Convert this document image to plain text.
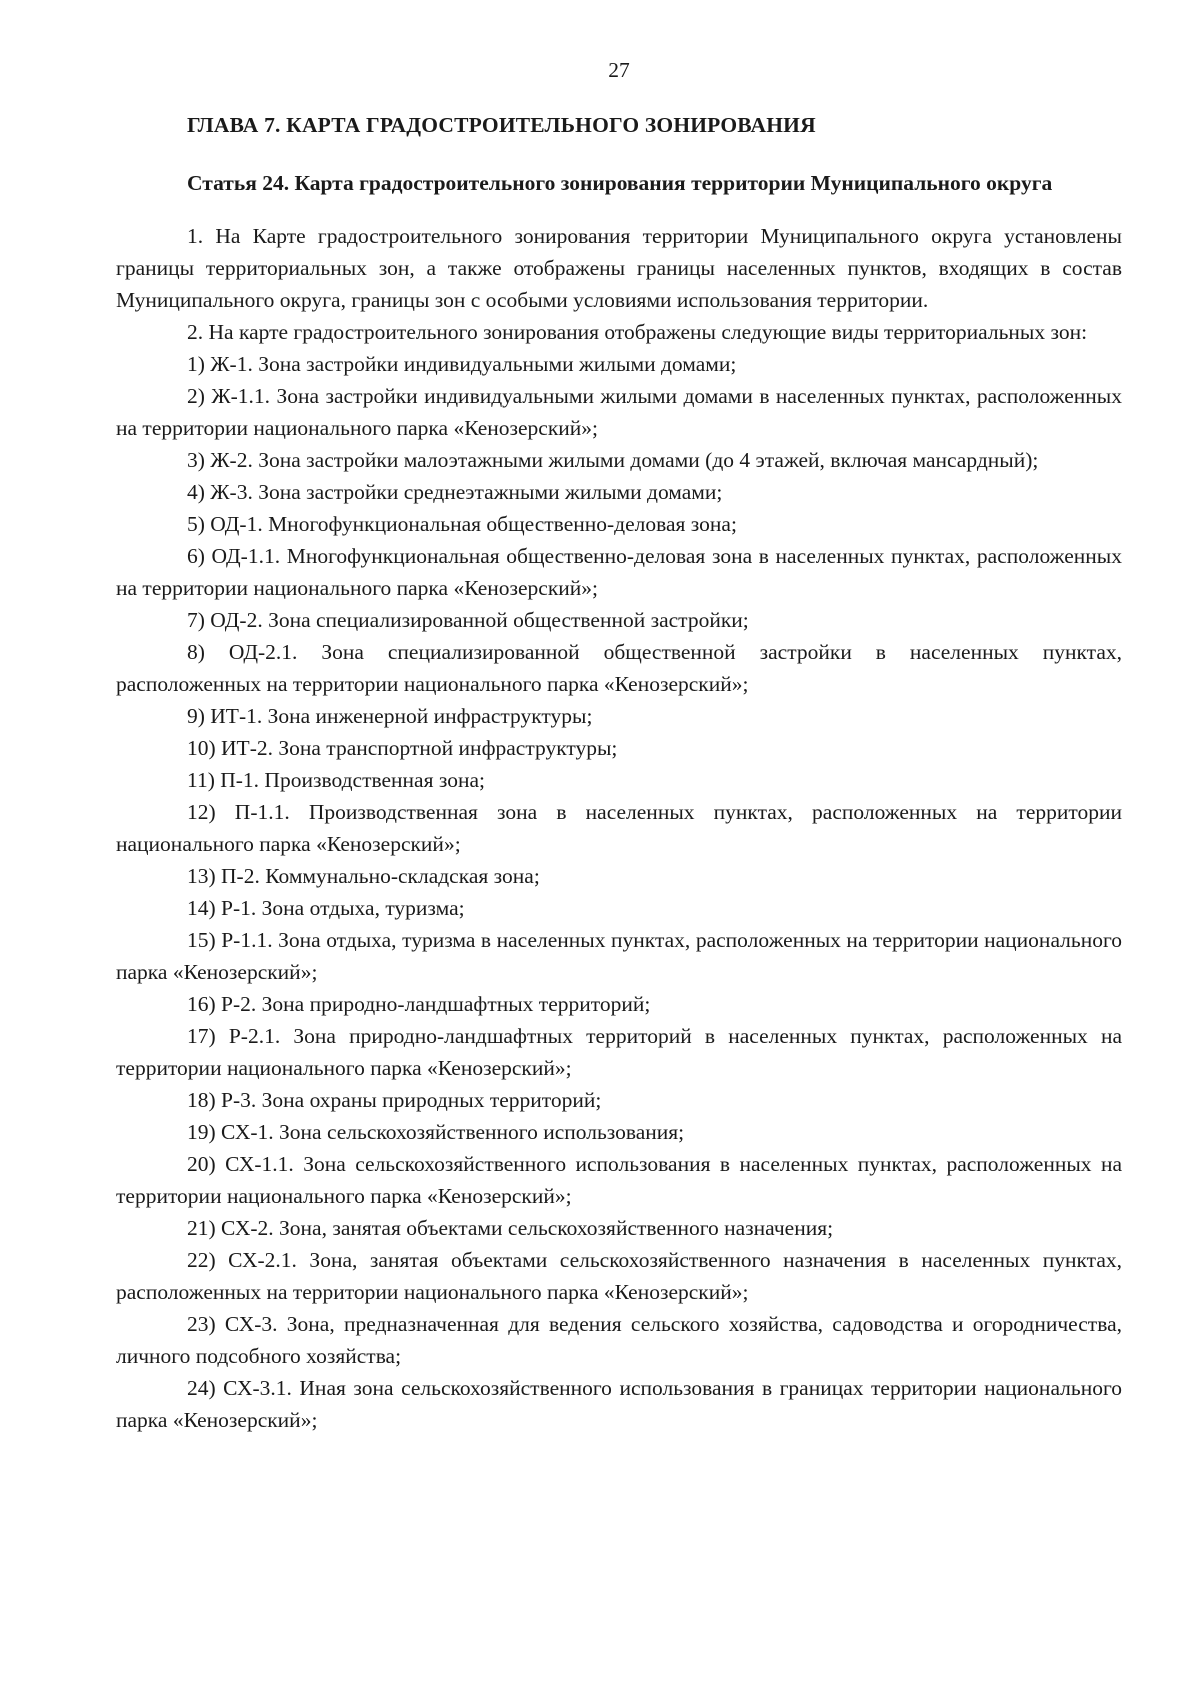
27
ГЛАВА 7. КАРТА ГРАДОСТРОИТЕЛЬНОГО ЗОНИРОВАНИЯ
Статья 24. Карта градостроительного зонирования территории Муниципального округа

1. На Карте градостроительного зонирования территории Муниципального округа установлены границы территориальных зон, а также отображены границы населенных пунктов, входящих в состав Муниципального округа, границы зон с особыми условиями использования территории.

2. На карте градостроительного зонирования отображены следующие виды территориальных зон:

1) Ж-1. Зона застройки индивидуальными жилыми домами;

2) Ж-1.1. Зона застройки индивидуальными жилыми домами в населенных пунктах, расположенных на территории национального парка «Кенозерский»;

3) Ж-2. Зона застройки малоэтажными жилыми домами (до 4 этажей, включая мансардный);

4) Ж-3. Зона застройки среднеэтажными жилыми домами;

5) ОД-1. Многофункциональная общественно-деловая зона;

6) ОД-1.1. Многофункциональная общественно-деловая зона в населенных пунктах, расположенных на территории национального парка «Кенозерский»;

7) ОД-2. Зона специализированной общественной застройки;

8) ОД-2.1. Зона специализированной общественной застройки в населенных пунктах, расположенных на территории национального парка «Кенозерский»;

9) ИТ-1. Зона инженерной инфраструктуры;

10) ИТ-2. Зона транспортной инфраструктуры;

11) П-1. Производственная зона;

12) П-1.1. Производственная зона в населенных пунктах, расположенных на территории национального парка «Кенозерский»;

13) П-2. Коммунально-складская зона;

14) Р-1. Зона отдыха, туризма;

15) Р-1.1. Зона отдыха, туризма в населенных пунктах, расположенных на территории национального парка «Кенозерский»;

16) Р-2. Зона природно-ландшафтных территорий;

17) Р-2.1. Зона природно-ландшафтных территорий в населенных пунктах, расположенных на территории национального парка «Кенозерский»;

18) Р-3. Зона охраны природных территорий;

19) СХ-1. Зона сельскохозяйственного использования;

20) СХ-1.1. Зона сельскохозяйственного использования в населенных пунктах, расположенных на территории национального парка «Кенозерский»;

21) СХ-2. Зона, занятая объектами сельскохозяйственного назначения;

22) СХ-2.1. Зона, занятая объектами сельскохозяйственного назначения в населенных пунктах, расположенных на территории национального парка «Кенозерский»;

23) СХ-3. Зона, предназначенная для ведения сельского хозяйства, садоводства и огородничества, личного подсобного хозяйства;

24) СХ-3.1. Иная зона сельскохозяйственного использования в границах территории национального парка «Кенозерский»;
